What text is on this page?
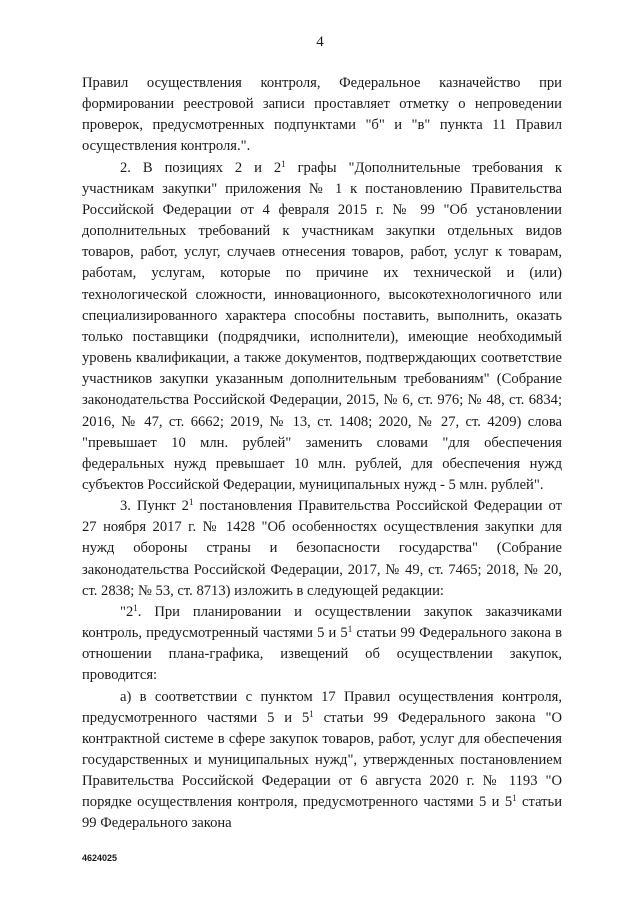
4

Правил осуществления контроля, Федеральное казначейство при формировании реестровой записи проставляет отметку о непроведении проверок, предусмотренных подпунктами "б" и "в" пункта 11 Правил осуществления контроля.".

2. В позициях 2 и $2^1$ графы "Дополнительные требования к участникам закупки" приложения № 1 к постановлению Правительства Российской Федерации от 4 февраля 2015 г. № 99 "Об установлении дополнительных требований к участникам закупки отдельных видов товаров, работ, услуг, случаев отнесения товаров, работ, услуг к товарам, работам, услугам, которые по причине их технической и (или) технологической сложности, инновационного, высокотехнологичного или специализированного характера способны поставить, выполнить, оказать только поставщики (подрядчики, исполнители), имеющие необходимый уровень квалификации, а также документов, подтверждающих соответствие участников закупки указанным дополнительным требованиям" (Собрание законодательства Российской Федерации, 2015, № 6, ст. 976; № 48, ст. 6834; 2016, № 47, ст. 6662; 2019, № 13, ст. 1408; 2020, № 27, ст. 4209) слова "превышает 10 млн. рублей" заменить словами "для обеспечения федеральных нужд превышает 10 млн. рублей, для обеспечения нужд субъектов Российской Федерации, муниципальных нужд - 5 млн. рублей".

3. Пункт $2^1$ постановления Правительства Российской Федерации от 27 ноября 2017 г. № 1428 "Об особенностях осуществления закупки для нужд обороны страны и безопасности государства" (Собрание законодательства Российской Федерации, 2017, № 49, ст. 7465; 2018, № 20, ст. 2838; № 53, ст. 8713) изложить в следующей редакции:

"$2^1$. При планировании и осуществлении закупок заказчиками контроль, предусмотренный частями 5 и $5^1$ статьи 99 Федерального закона в отношении плана-графика, извещений об осуществлении закупок, проводится:

а) в соответствии с пунктом 17 Правил осуществления контроля, предусмотренного частями 5 и $5^1$ статьи 99 Федерального закона "О контрактной системе в сфере закупок товаров, работ, услуг для обеспечения государственных и муниципальных нужд", утвержденных постановлением Правительства Российской Федерации от 6 августа 2020 г. № 1193 "О порядке осуществления контроля, предусмотренного частями 5 и $5^1$ статьи 99 Федерального закона

4624025
